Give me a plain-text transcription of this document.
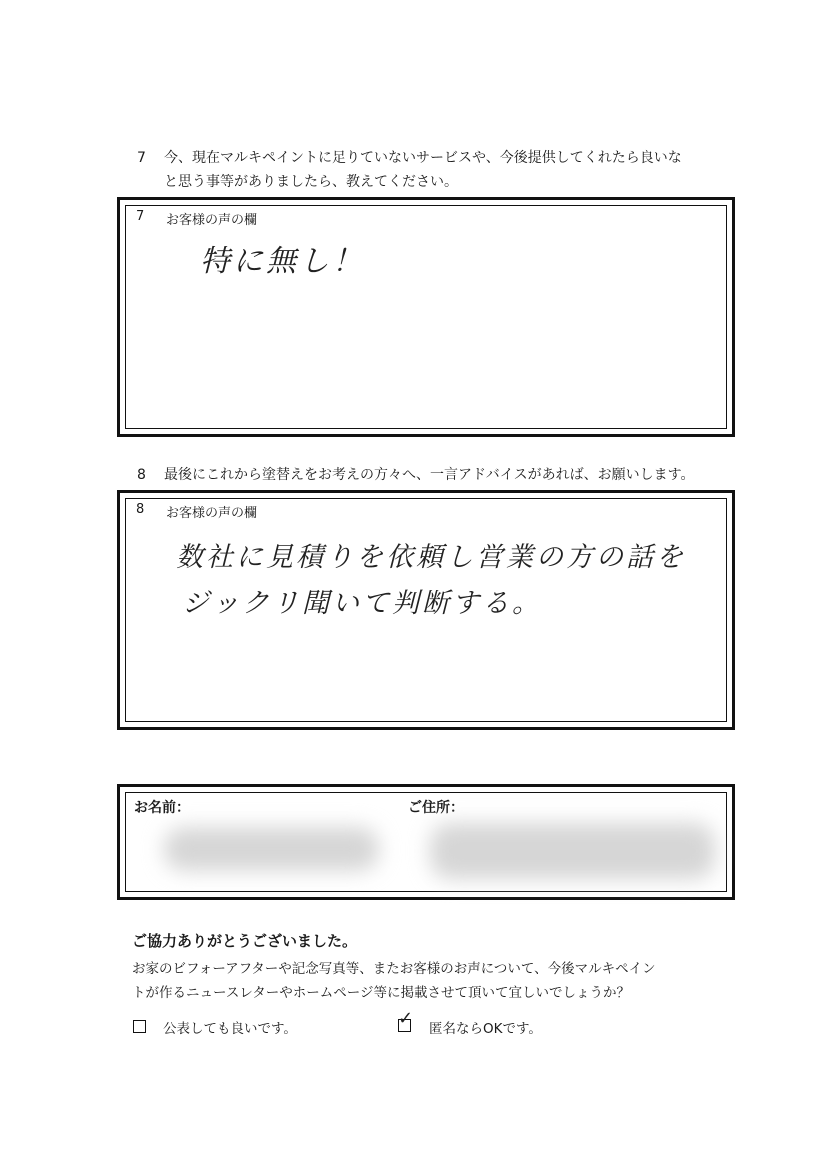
7 今、現在マルキペイントに足りていないサービスや、今後提供してくれたら良いな
と思う事等がありましたら、教えてください。
7 お客様の声の欄
特に無し！
8 最後にこれから塗替えをお考えの方々へ、一言アドバイスがあれば、お願いします。
8 お客様の声の欄
数社に見積りを依頼し営業の方の話を
ジックリ聞いて判断する。
お名前：	ご住所：
ご協力ありがとうございました。
お家のビフォーアフターや記念写真等、またお客様のお声について、今後マルキペイン
トが作るニュースレターやホームページ等に掲載させて頂いて宜しいでしょうか？
公表しても良いです。	✓ 匿名ならOKです。
